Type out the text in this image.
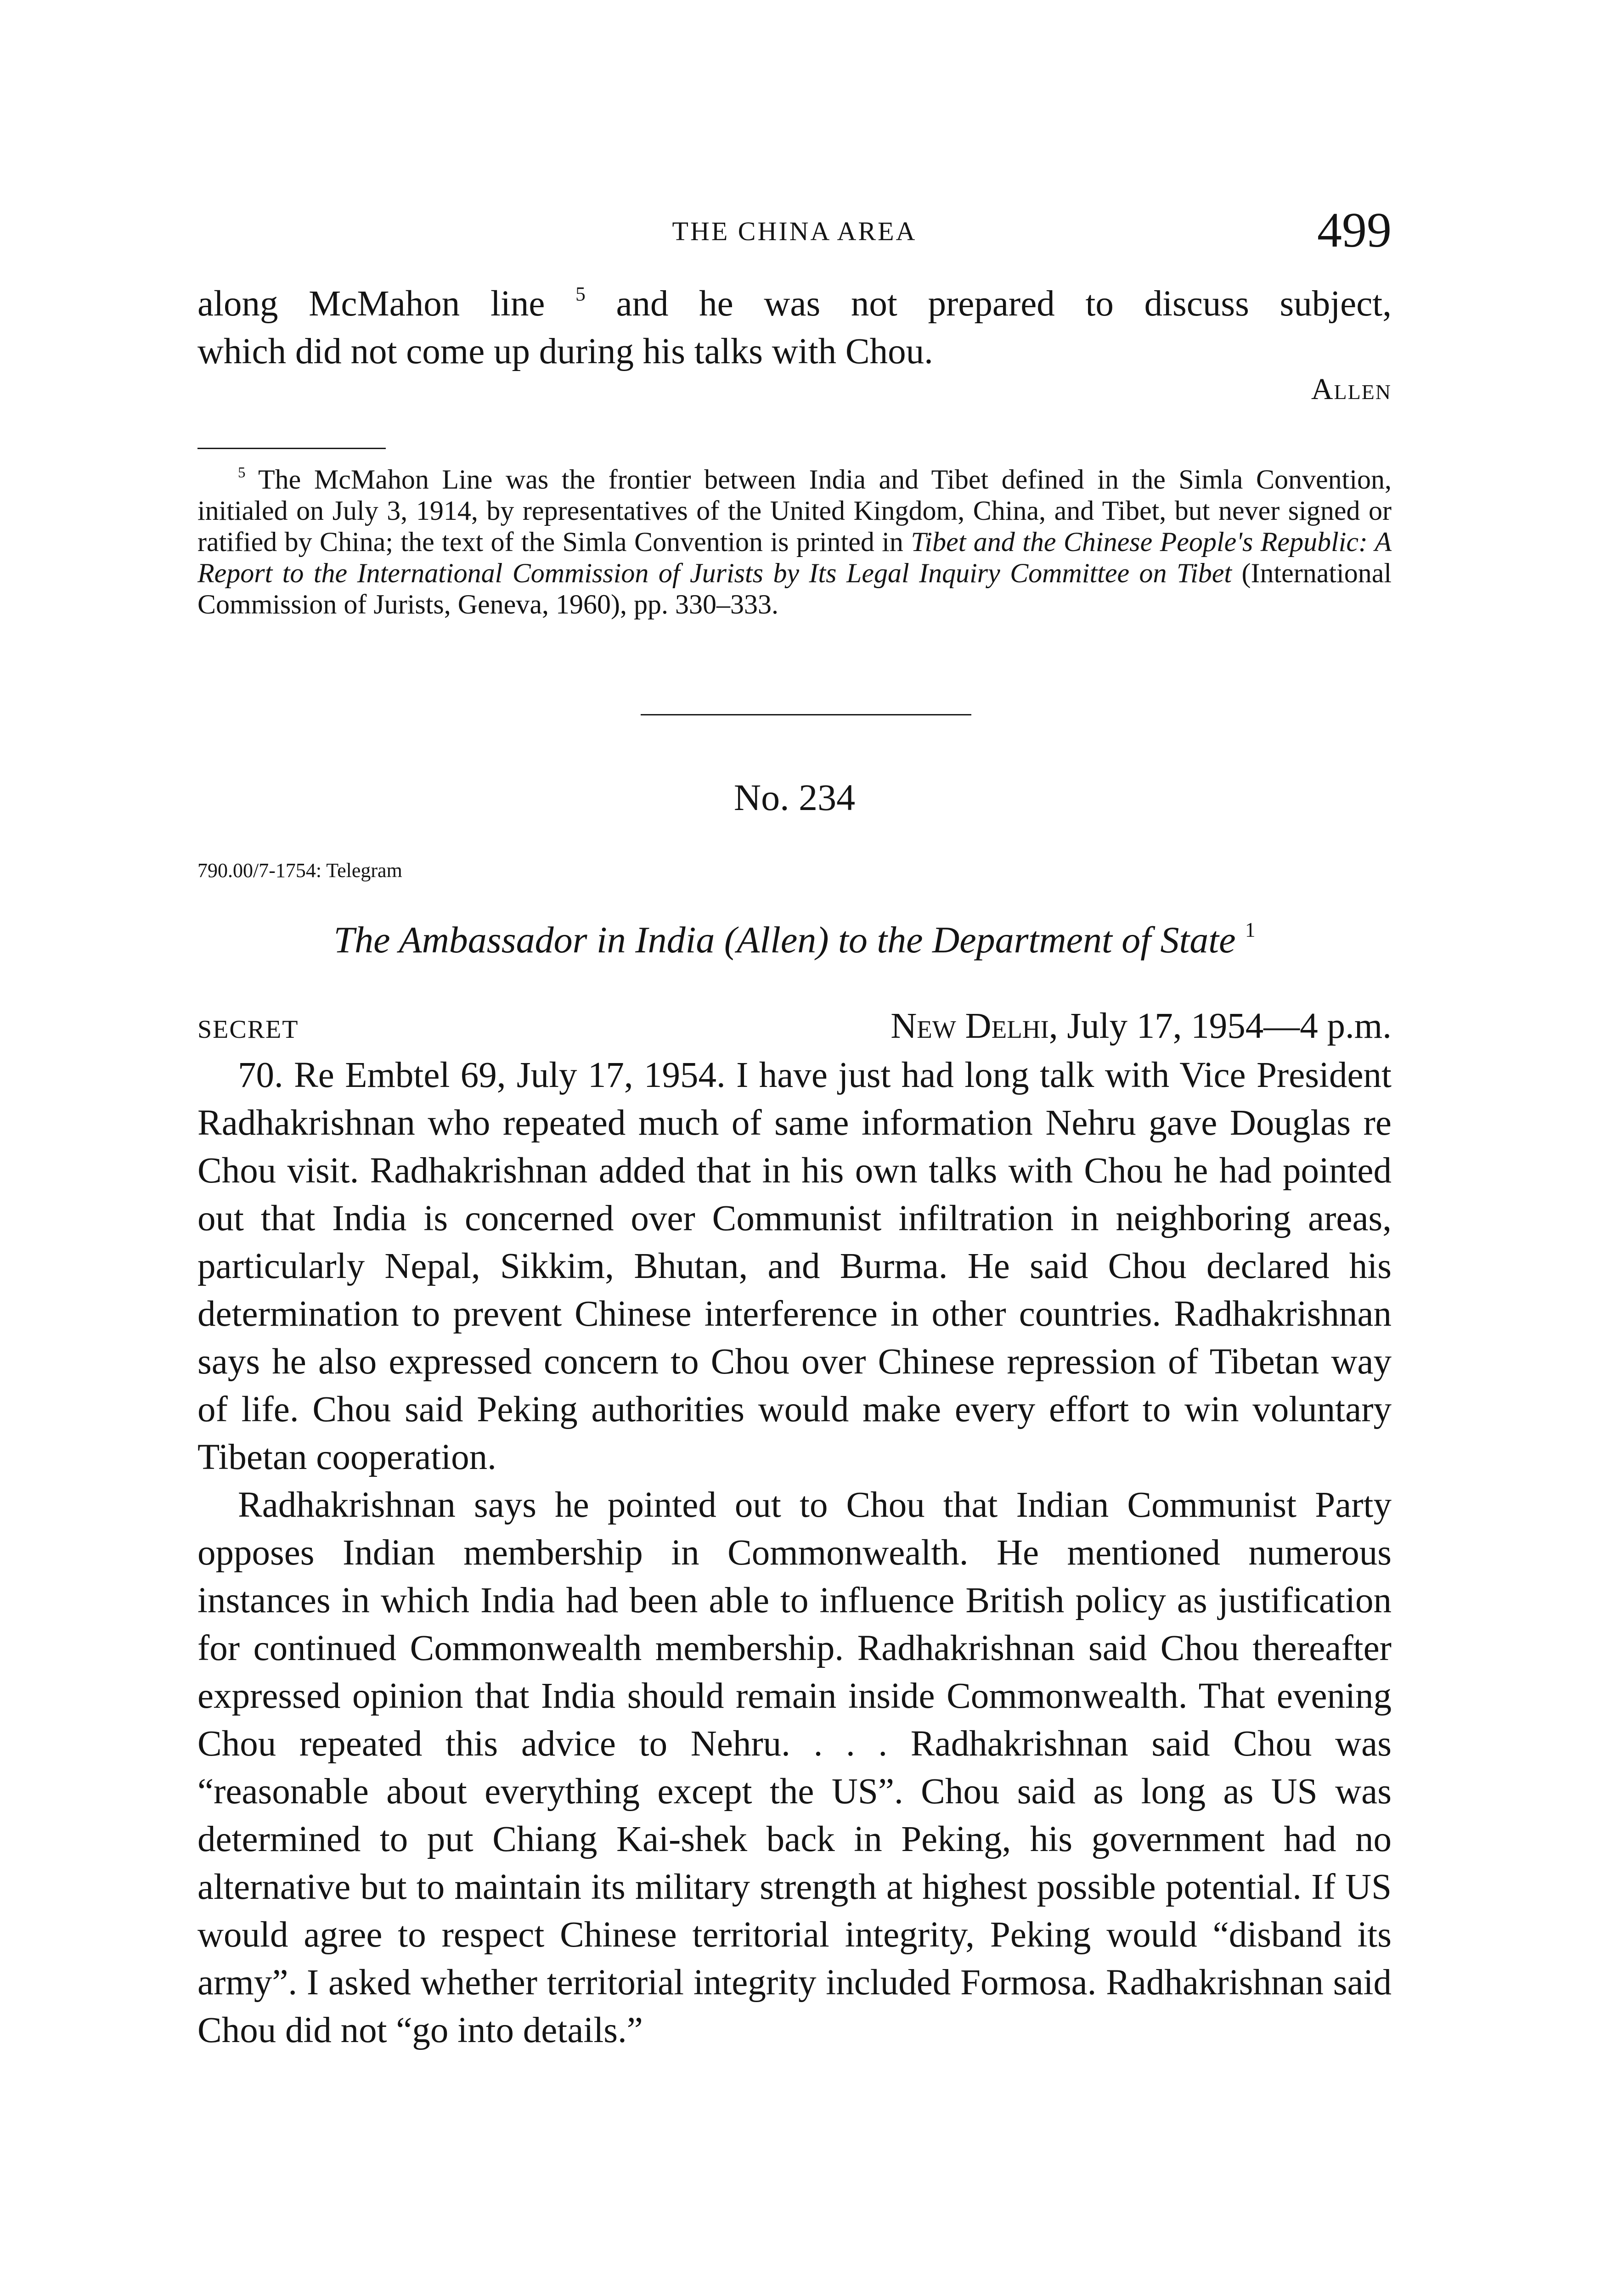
THE CHINA AREA	499

along McMahon line $^5$ and he was not prepared to discuss subject,

which did not come up during his talks with Chou.

Allen

$^5$ The McMahon Line was the frontier between India and Tibet defined in the Simla Convention, initialed on July 3, 1914, by representatives of the United Kingdom, China, and Tibet, but never signed or ratified by China; the text of the Simla Convention is printed in Tibet and the Chinese People's Republic: A Report to the International Commission of Jurists by Its Legal Inquiry Committee on Tibet (International Commission of Jurists, Geneva, 1960), pp. 330–333.

No. 234
790.00/7-1754: Telegram
The Ambassador in India (Allen) to the Department of State $^1$
SECRET	New Delhi, July 17, 1954—4 p.m.

70. Re Embtel 69, July 17, 1954. I have just had long talk with Vice President Radhakrishnan who repeated much of same information Nehru gave Douglas re Chou visit. Radhakrishnan added that in his own talks with Chou he had pointed out that India is concerned over Communist infiltration in neighboring areas, particularly Nepal, Sikkim, Bhutan, and Burma. He said Chou declared his determination to prevent Chinese interference in other countries. Radhakrishnan says he also expressed concern to Chou over Chinese repression of Tibetan way of life. Chou said Peking authorities would make every effort to win voluntary Tibetan cooperation.

Radhakrishnan says he pointed out to Chou that Indian Communist Party opposes Indian membership in Commonwealth. He mentioned numerous instances in which India had been able to influence British policy as justification for continued Commonwealth membership. Radhakrishnan said Chou thereafter expressed opinion that India should remain inside Commonwealth. That evening Chou repeated this advice to Nehru. . . . Radhakrishnan said Chou was “reasonable about everything except the US”. Chou said as long as US was determined to put Chiang Kai-shek back in Peking, his government had no alternative but to maintain its military strength at highest possible potential. If US would agree to respect Chinese territorial integrity, Peking would “disband its army”. I asked whether territorial integrity included Formosa. Radhakrishnan said Chou did not “go into details.”
